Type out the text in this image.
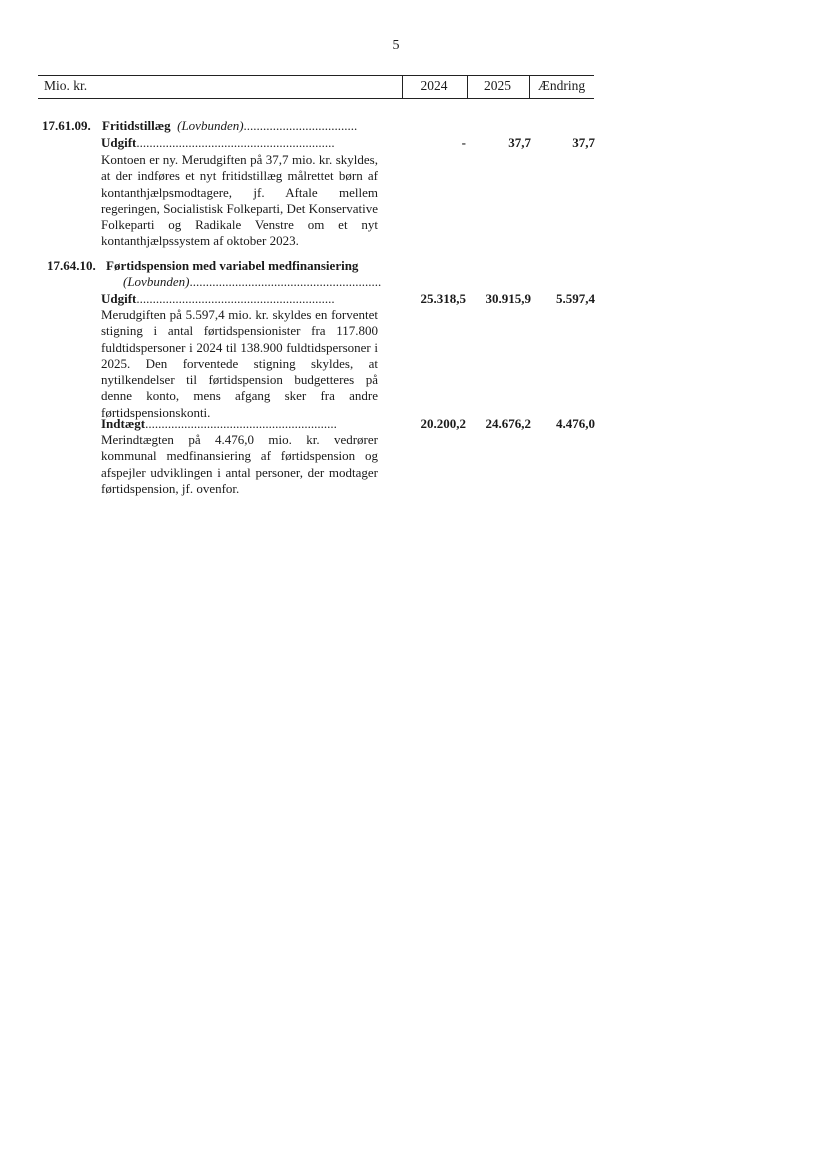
5
Mio. kr.	2024	2025	Ændring
17.61.09. Fritidstillæg (Lovbunden)...................................
Udgift.............................................................	-	37,7	37,7
Kontoen er ny. Merudgiften på 37,7 mio. kr. skyldes, at der indføres et nyt fritidstillæg målrettet børn af kontanthjælpsmodtagere, jf. Aftale mellem regeringen, Socialistisk Folkeparti, Det Konservative Folkeparti og Radikale Venstre om et nyt kontanthjælpssystem af oktober 2023.
17.64.10. Førtidspension med variabel medfinansiering
(Lovbunden)...........................................................
Udgift.............................................................	25.318,5	30.915,9	5.597,4
Merudgiften på 5.597,4 mio. kr. skyldes en forventet stigning i antal førtidspensionister fra 117.800 fuldtidspersoner i 2024 til 138.900 fuldtidspersoner i 2025. Den forventede stigning skyldes, at nytilkendelser til førtidspension budgetteres på denne konto, mens afgang sker fra andre førtidspensionskonti.
Indtægt...........................................................	20.200,2	24.676,2	4.476,0
Merindtægten på 4.476,0 mio. kr. vedrører kommunal medfinansiering af førtidspension og afspejler udviklingen i antal personer, der modtager førtidspension, jf. ovenfor.
